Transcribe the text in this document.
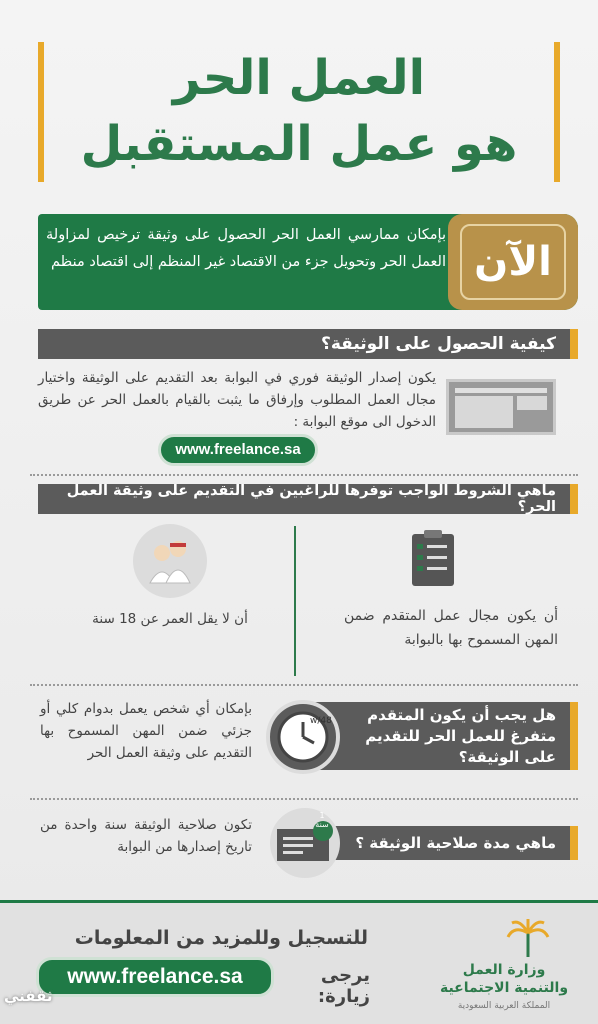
العمل الحر
هو عمل المستقبل
بإمكان ممارسي العمل الحر الحصول على وثيقة ترخيص لمزاولة العمل الحر وتحويل جزء من الاقتصاد غير المنظم إلى اقتصاد منظم الآن
كيفية الحصول على الوثيقة؟
يكون إصدار الوثيقة فوري في البوابة بعد التقديم على الوثيقة واختيار مجال العمل المطلوب وإرفاق ما يثبت بالقيام بالعمل الحر عن طريق الدخول الى موقع البوابة :
www.freelance.sa
ماهي الشروط الواجب توفرها للراغبين في التقديم على وثيقة العمل الحر؟
أن لا يقل العمر عن 18 سنة	أن يكون مجال عمل المتقدم ضمن المهن المسموح بها بالبوابة
w/48	هل يجب أن يكون المتقدم متفرغ للعمل الحر للتقديم على الوثيقة؟
بإمكان أي شخص يعمل بدوام كلي أو جزئي ضمن المهن المسموح بها التقديم على وثيقة العمل الحر
1
سنة
ماهي مدة صلاحية الوثيقة ؟
تكون صلاحية الوثيقة سنة واحدة من تاريخ إصدارها من البوابة
للتسجيل وللمزيد من المعلومات
يرجى زيارة:
www.freelance.sa	وزارة العمل
والتنمية الاجتماعية
المملكة العربية السعودية
ثقفني
